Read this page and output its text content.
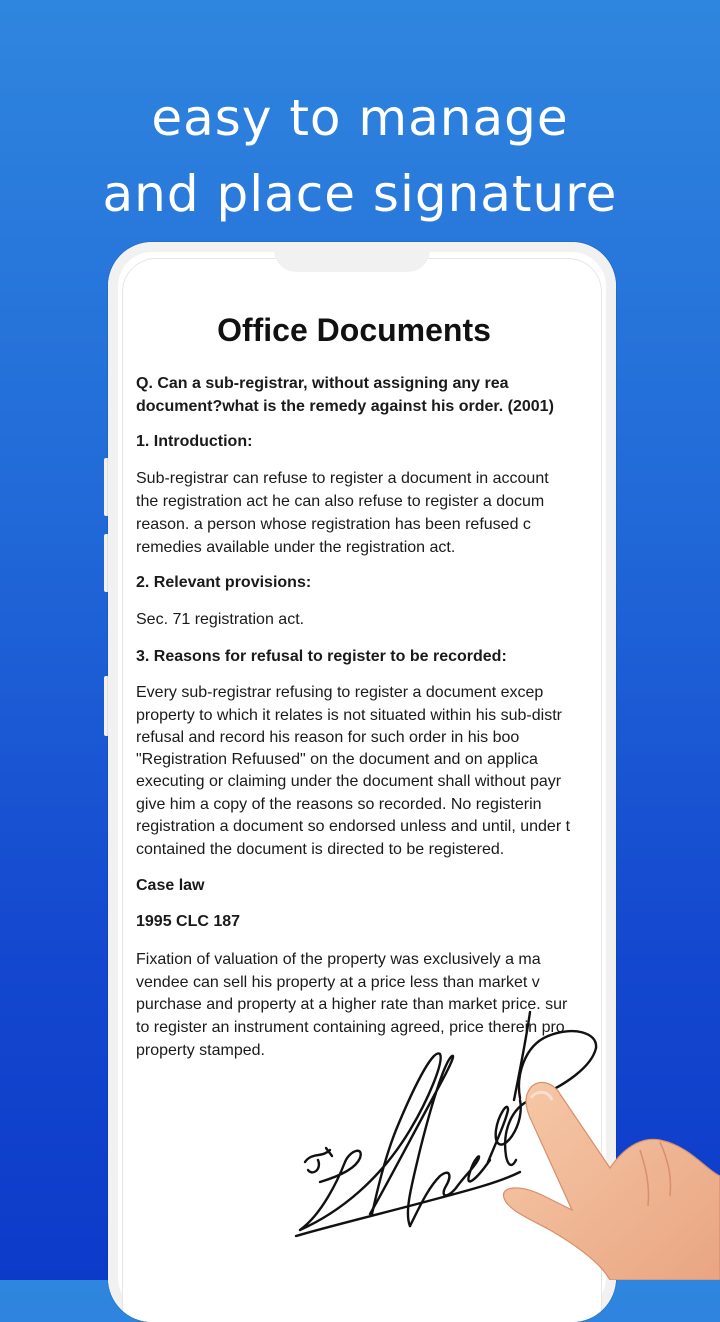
easy to manage
and place signature
Office Documents

Q. Can a sub-registrar, without assigning any rea

document?what is the remedy against his order. (2001)

1. Introduction:

Sub-registrar can refuse to register a document in account

the registration act he can also refuse to register a docum

reason. a person whose registration has been refused c

remedies available under the registration act.

2. Relevant provisions:

Sec. 71 registration act.

3. Reasons for refusal to register to be recorded:

Every sub-registrar refusing to register a document excep

property to which it relates is not situated within his sub-distr

refusal and record his reason for such order in his boo

"Registration Refuused" on the document and on applica

executing or claiming under the document shall without payr

give him a copy of the reasons so recorded. No registerin

registration a document so endorsed unless and until, under t

contained the document is directed to be registered.

Case law

1995 CLC 187

Fixation of valuation of the property was exclusively a ma

vendee can sell his property at a price less than market v

purchase and property at a higher rate than market price. sur

to register an instrument containing agreed, price therein pro

property stamped.
